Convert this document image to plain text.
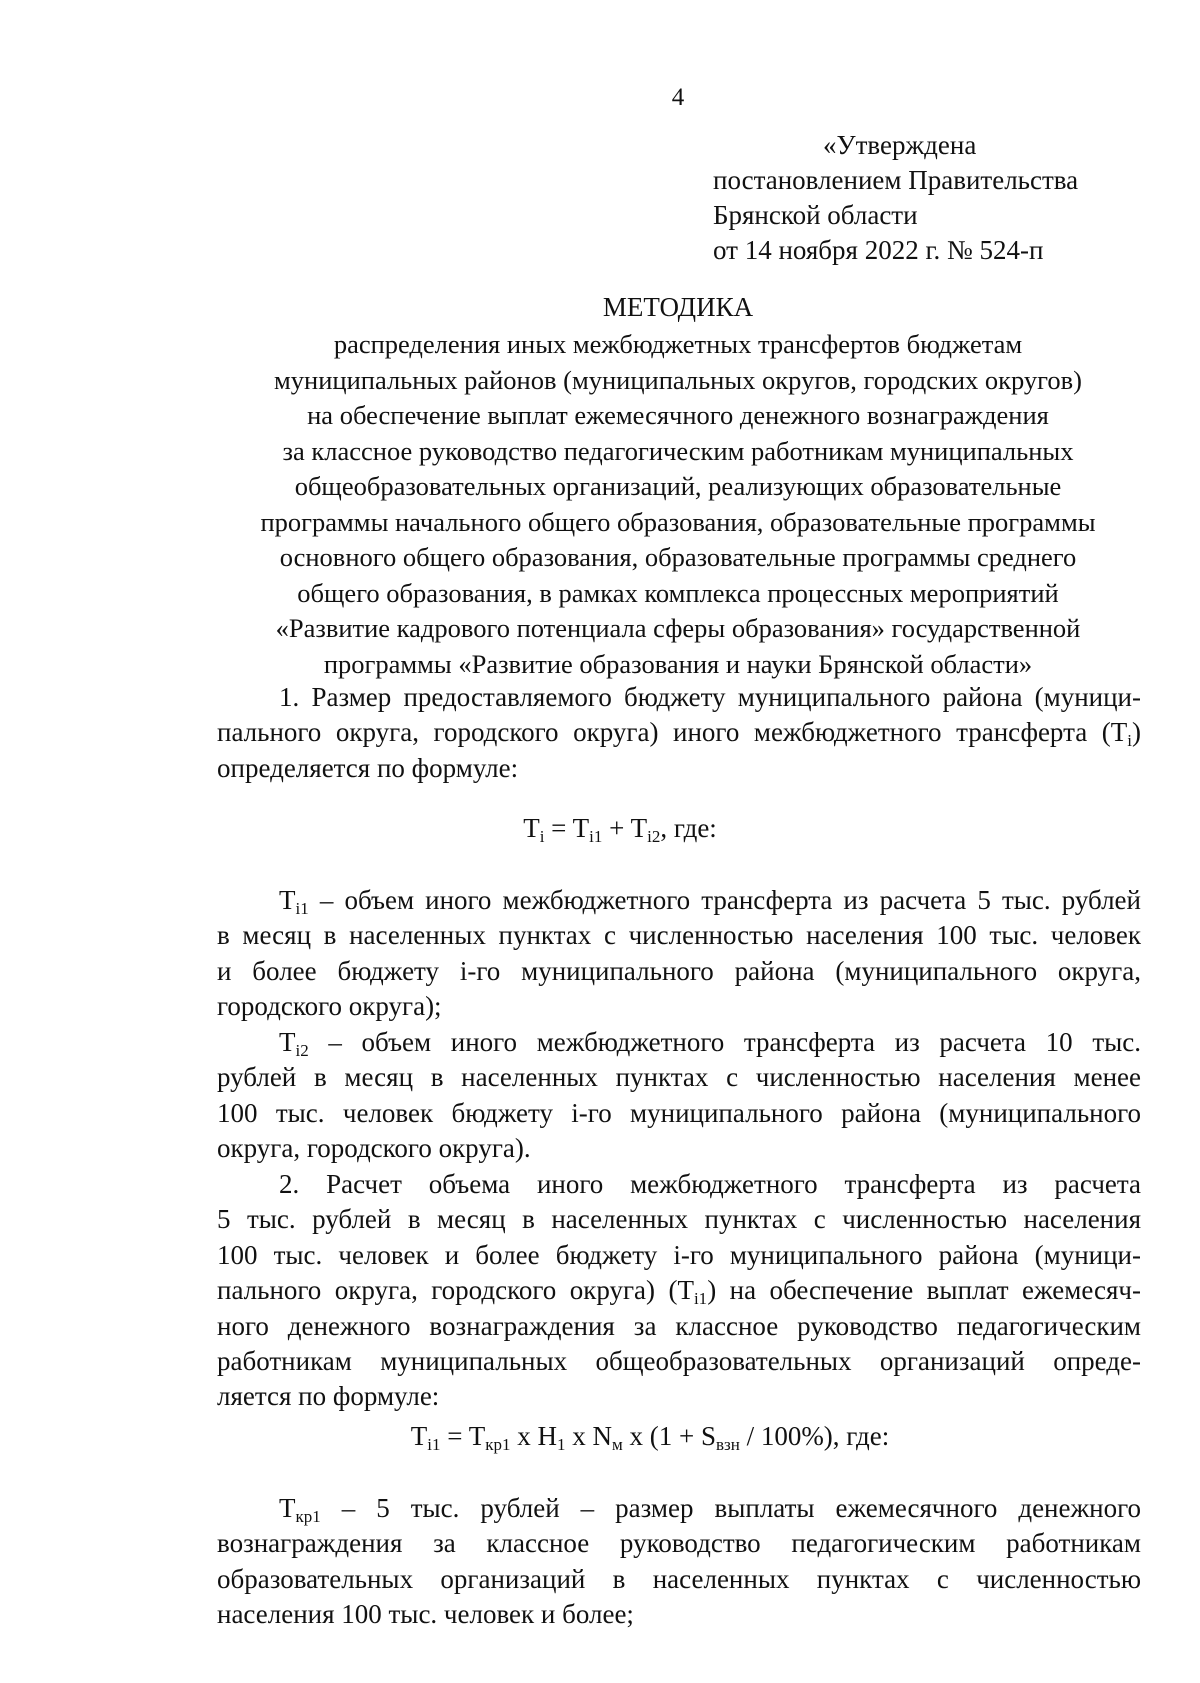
4
«Утверждена
постановлением Правительства
Брянской области
от 14 ноября 2022 г. № 524-п
МЕТОДИКА
распределения иных межбюджетных трансфертов бюджетам
муниципальных районов (муниципальных округов, городских округов)
на обеспечение выплат ежемесячного денежного вознаграждения
за классное руководство педагогическим работникам муниципальных
общеобразовательных организаций, реализующих образовательные
программы начального общего образования, образовательные программы
основного общего образования, образовательные программы среднего
общего образования, в рамках комплекса процессных мероприятий
«Развитие кадрового потенциала сферы образования» государственной
программы «Развитие образования и науки Брянской области»
1. Размер предоставляемого бюджету муниципального района (муници-
пального округа, городского округа) иного межбюджетного трансферта $(T_i)$
определяется по формуле:
$T_i = T_{i1} + T_{i2}$, где:
$T_{i1}$ – объем иного межбюджетного трансферта из расчета 5 тыс. рублей
в месяц в населенных пунктах с численностью населения 100 тыс. человек
и более бюджету i-го муниципального района (муниципального округа,
городского округа);
$T_{i2}$ – объем иного межбюджетного трансферта из расчета 10 тыс.
рублей в месяц в населенных пунктах с численностью населения менее
100 тыс. человек бюджету i-го муниципального района (муниципального
округа, городского округа).
2. Расчет объема иного межбюджетного трансферта из расчета
5 тыс. рублей в месяц в населенных пунктах с численностью населения
100 тыс. человек и более бюджету i-го муниципального района (муници-
пального округа, городского округа) $(T_{i1})$ на обеспечение выплат ежемесяч-
ного денежного вознаграждения за классное руководство педагогическим
работникам муниципальных общеобразовательных организаций опреде-
ляется по формуле:
$T_{i1} = T_{кр1}$ x $H_1$ x $N_м$ x $(1 + S_{взн} / 100\%)$, где:
$T_{кр1} - 5$ тыс. рублей – размер выплаты ежемесячного денежного
вознаграждения за классное руководство педагогическим работникам
образовательных организаций в населенных пунктах с численностью
населения 100 тыс. человек и более;
